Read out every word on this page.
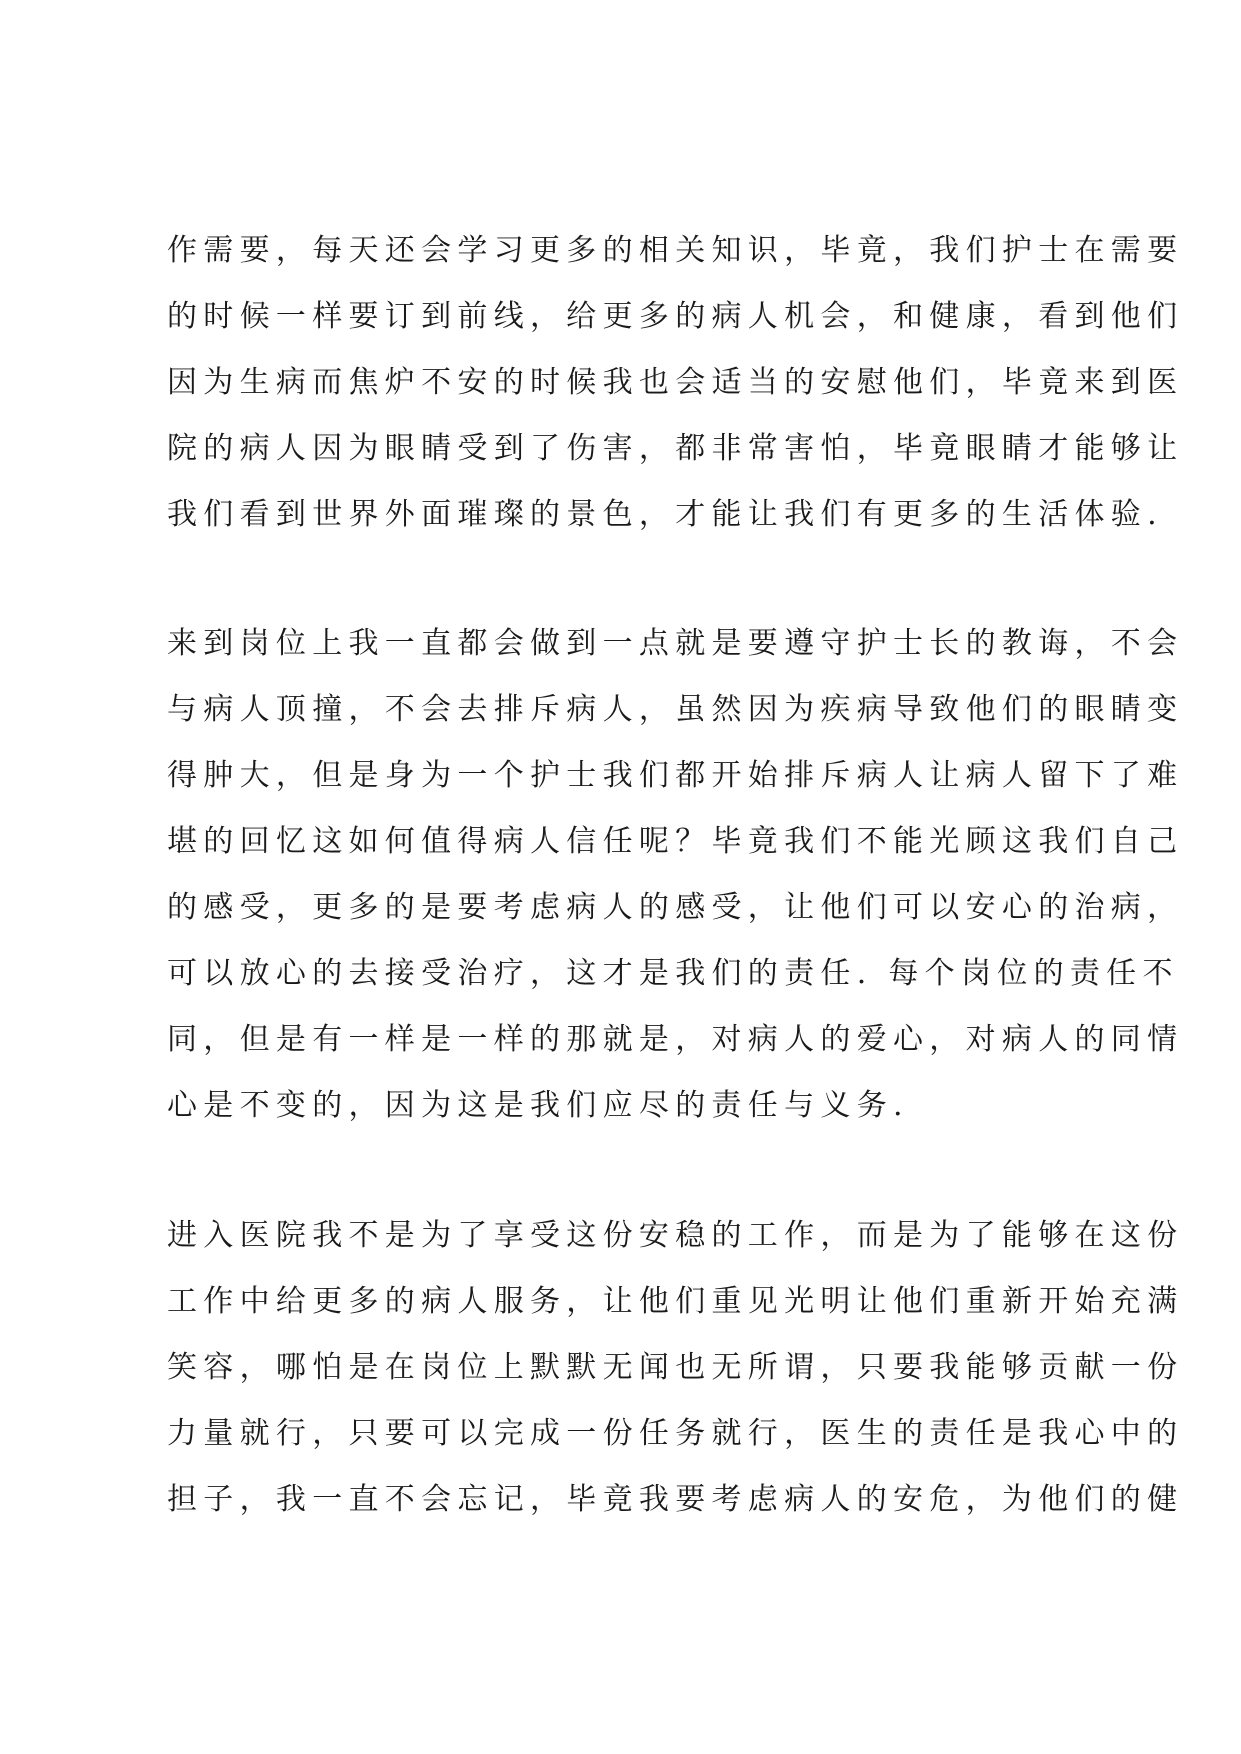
作需要，每天还会学习更多的相关知识，毕竟，我们护士在需要
的时候一样要订到前线，给更多的病人机会，和健康，看到他们
因为生病而焦炉不安的时候我也会适当的安慰他们，毕竟来到医
院的病人因为眼睛受到了伤害，都非常害怕，毕竟眼睛才能够让
我们看到世界外面璀璨的景色，才能让我们有更多的生活体验.
来到岗位上我一直都会做到一点就是要遵守护士长的教诲，不会
与病人顶撞，不会去排斥病人，虽然因为疾病导致他们的眼睛变
得肿大，但是身为一个护士我们都开始排斥病人让病人留下了难
堪的回忆这如何值得病人信任呢？毕竟我们不能光顾这我们自己
的感受，更多的是要考虑病人的感受，让他们可以安心的治病，
可以放心的去接受治疗，这才是我们的责任. 每个岗位的责任不
同，但是有一样是一样的那就是，对病人的爱心，对病人的同情
心是不变的，因为这是我们应尽的责任与义务.
进入医院我不是为了享受这份安稳的工作，而是为了能够在这份
工作中给更多的病人服务，让他们重见光明让他们重新开始充满
笑容，哪怕是在岗位上默默无闻也无所谓，只要我能够贡献一份
力量就行，只要可以完成一份任务就行，医生的责任是我心中的
担子，我一直不会忘记，毕竟我要考虑病人的安危，为他们的健
